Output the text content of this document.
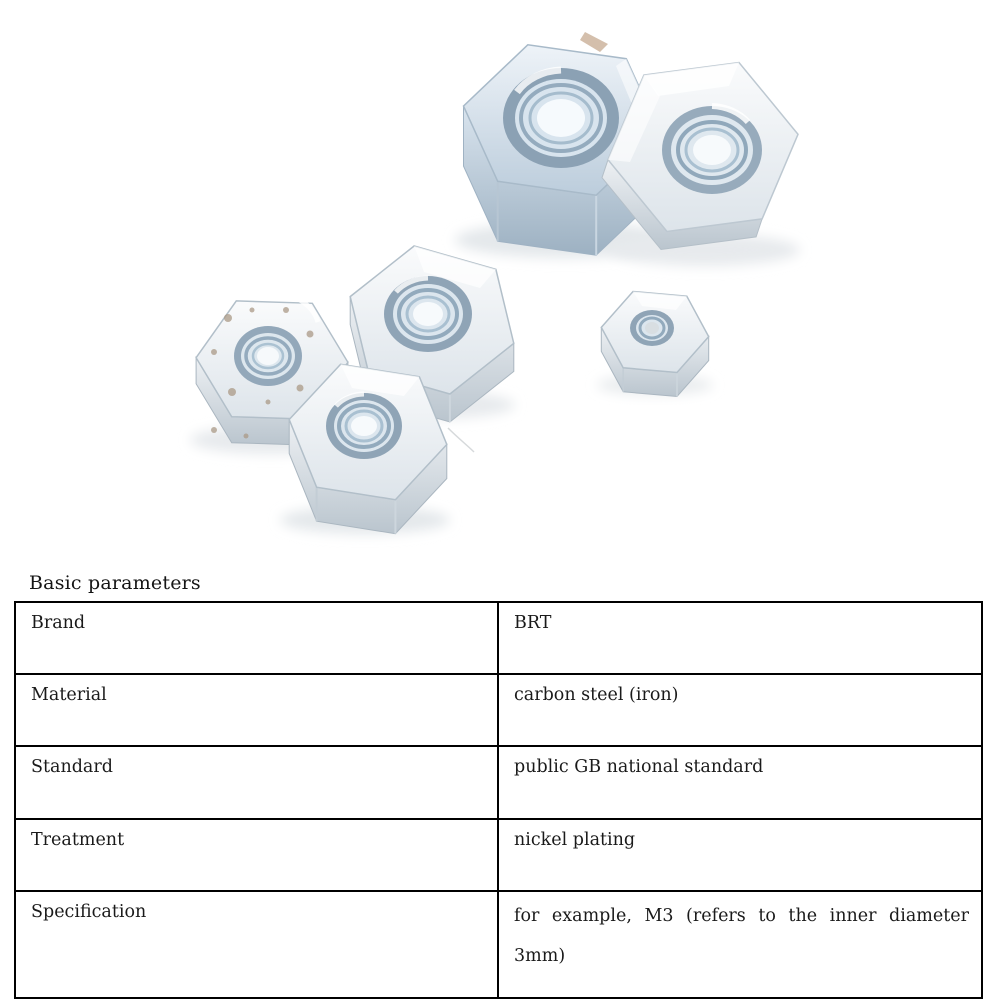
Basic parameters
Brand	BRT
Material	carbon steel (iron)
Standard	public GB national standard
Treatment	nickel plating
Specification	for example, M3 (refers to the inner diameter 3mm)
